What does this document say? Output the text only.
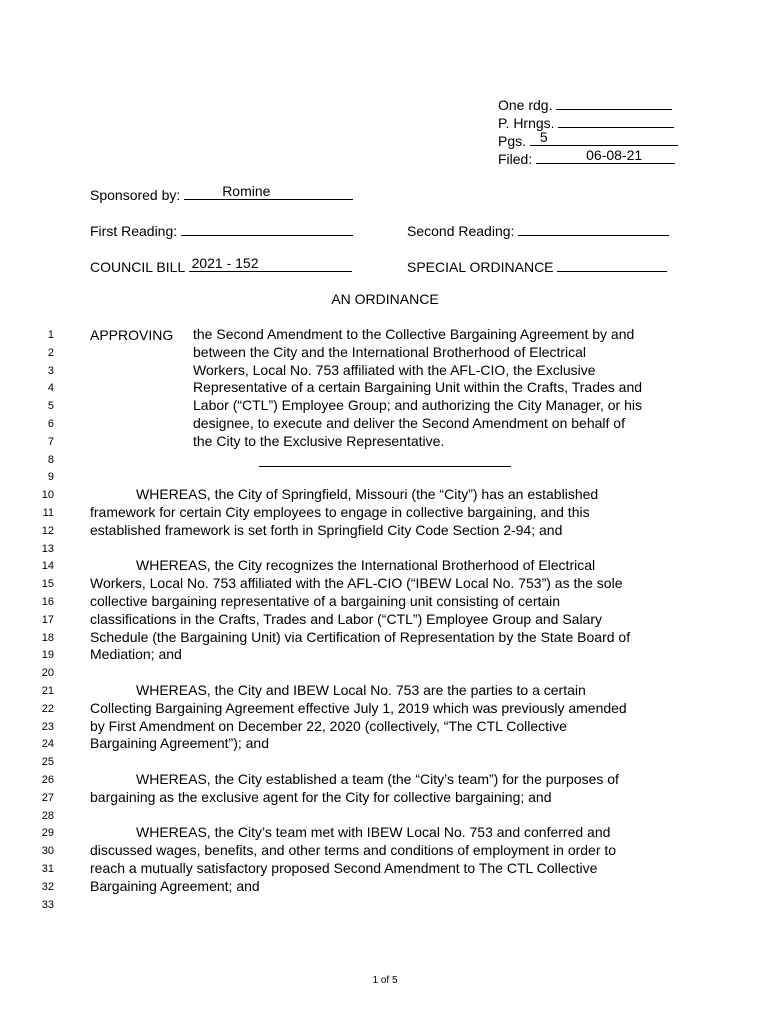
One rdg.
P. Hrngs.
Pgs. 5
Filed:	06-08-21
Sponsored by:	Romine
First Reading:	Second Reading:
COUNCIL BILL 2021 - 152	SPECIAL ORDINANCE
AN ORDINANCE
1
2
3
4
5
6
7
8
9
10
11
12
13
14
15
16
17
18
19
20
21
22
23
24
25
26
27
28
29
30
31
32
33
APPROVING the Second Amendment to the Collective Bargaining Agreement by and
between the City and the International Brotherhood of Electrical
Workers, Local No. 753 affiliated with the AFL-CIO, the Exclusive
Representative of a certain Bargaining Unit within the Crafts, Trades and
Labor (“CTL”) Employee Group; and authorizing the City Manager, or his
designee, to execute and deliver the Second Amendment on behalf of
the City to the Exclusive Representative.
WHEREAS, the City of Springfield, Missouri (the “City”) has an established
framework for certain City employees to engage in collective bargaining, and this
established framework is set forth in Springfield City Code Section 2-94; and
WHEREAS, the City recognizes the International Brotherhood of Electrical
Workers, Local No. 753 affiliated with the AFL-CIO (“IBEW Local No. 753”) as the sole
collective bargaining representative of a bargaining unit consisting of certain
classifications in the Crafts, Trades and Labor (“CTL”) Employee Group and Salary
Schedule (the Bargaining Unit) via Certification of Representation by the State Board of
Mediation; and
WHEREAS, the City and IBEW Local No. 753 are the parties to a certain
Collecting Bargaining Agreement effective July 1, 2019 which was previously amended
by First Amendment on December 22, 2020 (collectively, “The CTL Collective
Bargaining Agreement”); and
WHEREAS, the City established a team (the “City’s team”) for the purposes of
bargaining as the exclusive agent for the City for collective bargaining; and
WHEREAS, the City’s team met with IBEW Local No. 753 and conferred and
discussed wages, benefits, and other terms and conditions of employment in order to
reach a mutually satisfactory proposed Second Amendment to The CTL Collective
Bargaining Agreement; and
1 of 5
